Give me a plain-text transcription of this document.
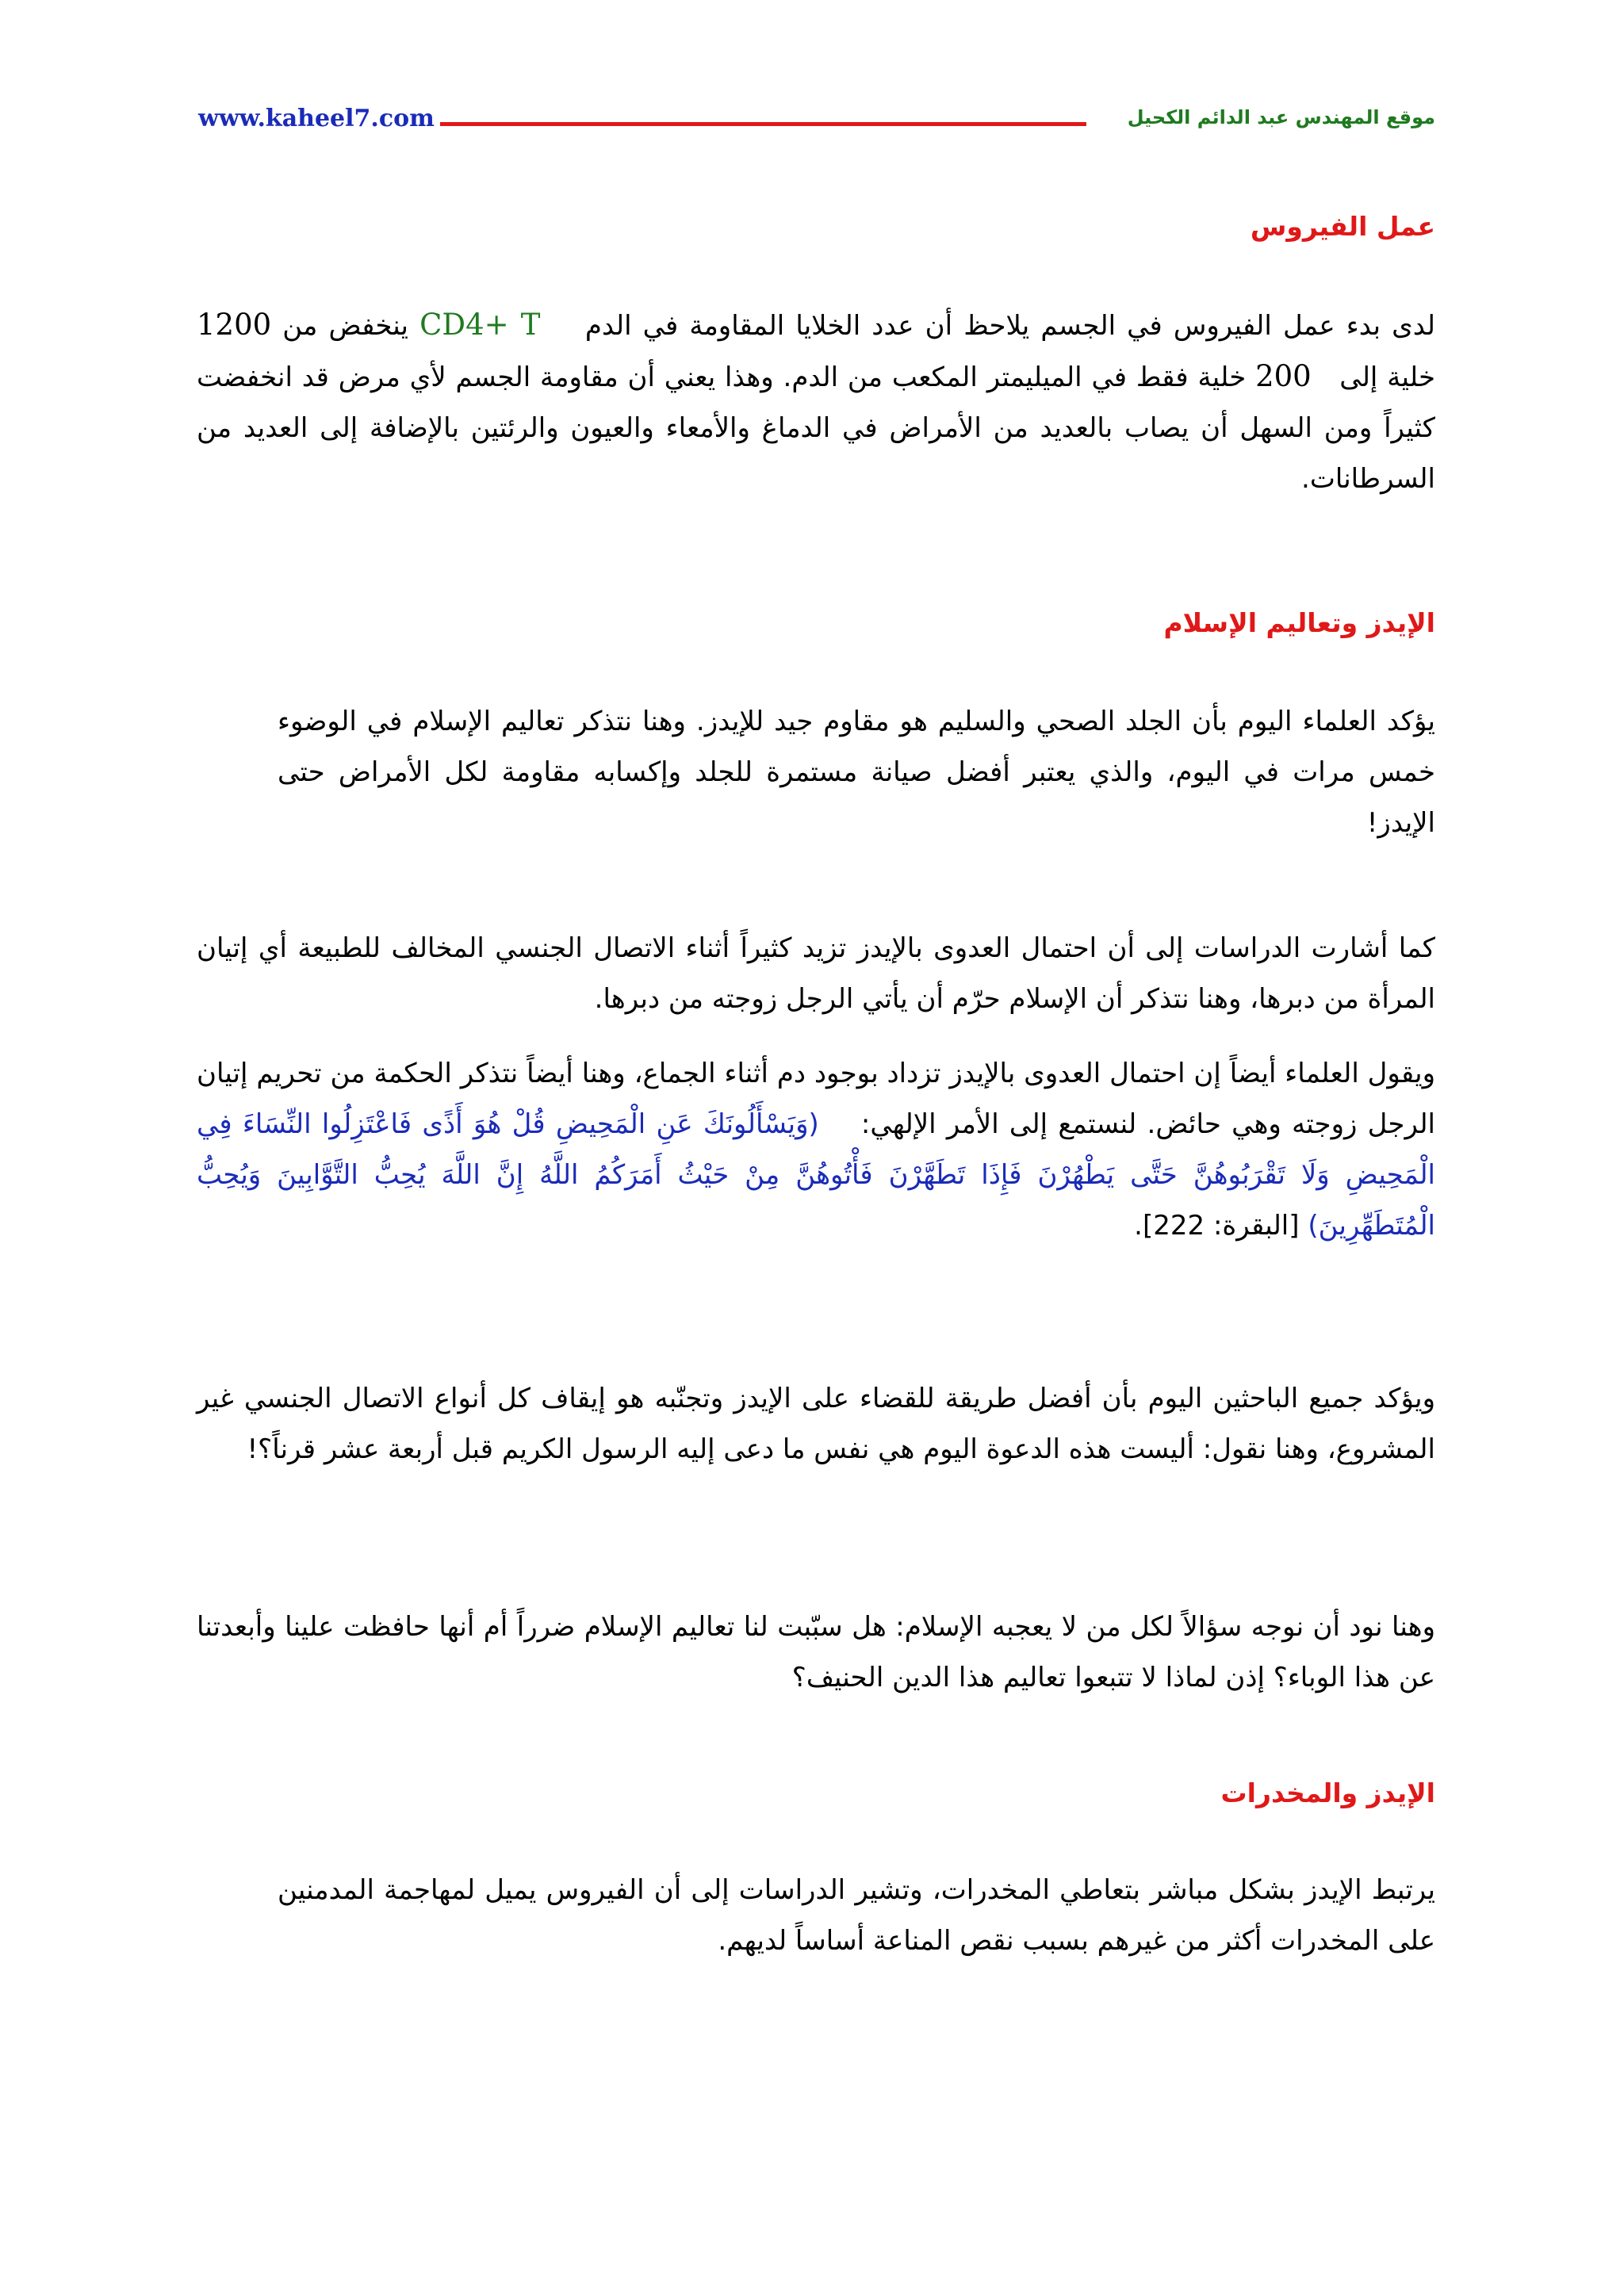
www.kaheel7.com	موقع المهندس عبد الدائم الكحيل
عمل الفيروس
لدى بدء عمل الفيروس في الجسم يلاحظ أن عدد الخلايا المقاومة في الدم    CD4+ T ينخفض من 1200 خلية إلى   200 خلية فقط في الميليمتر المكعب من الدم. وهذا يعني أن مقاومة الجسم لأي مرض قد انخفضت كثيراً ومن السهل أن يصاب بالعديد من الأمراض في الدماغ والأمعاء والعيون والرئتين بالإضافة إلى العديد من السرطانات.
الإيدز وتعاليم الإسلام
يؤكد العلماء اليوم بأن الجلد الصحي والسليم هو مقاوم جيد للإيدز. وهنا نتذكر تعاليم الإسلام في الوضوء خمس مرات في اليوم، والذي يعتبر أفضل صيانة مستمرة للجلد وإكسابه مقاومة لكل الأمراض حتى الإيدز!
كما أشارت الدراسات إلى أن احتمال العدوى بالإيدز تزيد كثيراً أثناء الاتصال الجنسي المخالف للطبيعة أي إتيان المرأة من دبرها، وهنا نتذكر أن الإسلام حرّم أن يأتي الرجل زوجته من دبرها.
ويقول العلماء أيضاً إن احتمال العدوى بالإيدز تزداد بوجود دم أثناء الجماع، وهنا أيضاً نتذكر الحكمة من تحريم إتيان الرجل زوجته وهي حائض. لنستمع إلى الأمر الإلهي:    (وَيَسْأَلُونَكَ عَنِ الْمَحِيضِ قُلْ هُوَ أَذًى فَاعْتَزِلُوا النِّسَاءَ فِي الْمَحِيضِ وَلَا تَقْرَبُوهُنَّ حَتَّى يَطْهُرْنَ فَإِذَا تَطَهَّرْنَ فَأْتُوهُنَّ مِنْ حَيْثُ أَمَرَكُمُ اللَّهُ إِنَّ اللَّهَ يُحِبُّ التَّوَّابِينَ وَيُحِبُّ الْمُتَطَهِّرِينَ) [البقرة: 222].
ويؤكد جميع الباحثين اليوم بأن أفضل طريقة للقضاء على الإيدز وتجنّبه هو إيقاف كل أنواع الاتصال الجنسي غير المشروع، وهنا نقول: أليست هذه الدعوة اليوم هي نفس ما دعى إليه الرسول الكريم قبل أربعة عشر قرناً؟!
وهنا نود أن نوجه سؤالاً لكل من لا يعجبه الإسلام: هل سبّبت لنا تعاليم الإسلام ضرراً أم أنها حافظت علينا وأبعدتنا عن هذا الوباء؟ إذن لماذا لا تتبعوا تعاليم هذا الدين الحنيف؟
الإيدز والمخدرات
يرتبط الإيدز بشكل مباشر بتعاطي المخدرات، وتشير الدراسات إلى أن الفيروس يميل لمهاجمة المدمنين على المخدرات أكثر من غيرهم بسبب نقص المناعة أساساً لديهم.
